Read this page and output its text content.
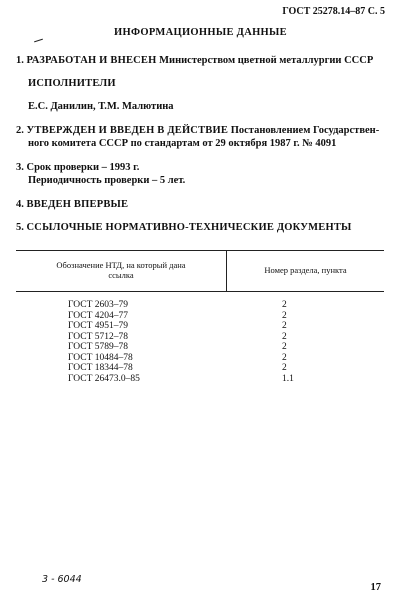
ГОСТ 25278.14–87 С. 5
ИНФОРМАЦИОННЫЕ ДАННЫЕ
1. РАЗРАБОТАН И ВНЕСЕН Министерством цветной металлургии СССР
ИСПОЛНИТЕЛИ
Е.С. Данилин, Т.М. Малютина
2. УТВЕРЖДЕН И ВВЕДЕН В ДЕЙСТВИЕ Постановлением Государствен-
ного комитета СССР по стандартам от 29 октября 1987 г. № 4091
3. Срок проверки – 1993 г.
Периодичность проверки – 5 лет.
4. ВВЕДЕН ВПЕРВЫЕ
5. ССЫЛОЧНЫЕ НОРМАТИВНО-ТЕХНИЧЕСКИЕ ДОКУМЕНТЫ
Обозначение НТД, на который дана
ссылка	Номер раздела, пункта
ГОСТ 2603–79	2
ГОСТ 4204–77	2
ГОСТ 4951–79	2
ГОСТ 5712–78	2
ГОСТ 5789–78	2
ГОСТ 10484–78	2
ГОСТ 18344–78	2
ГОСТ 26473.0–85	1.1
3 - 6044
17
